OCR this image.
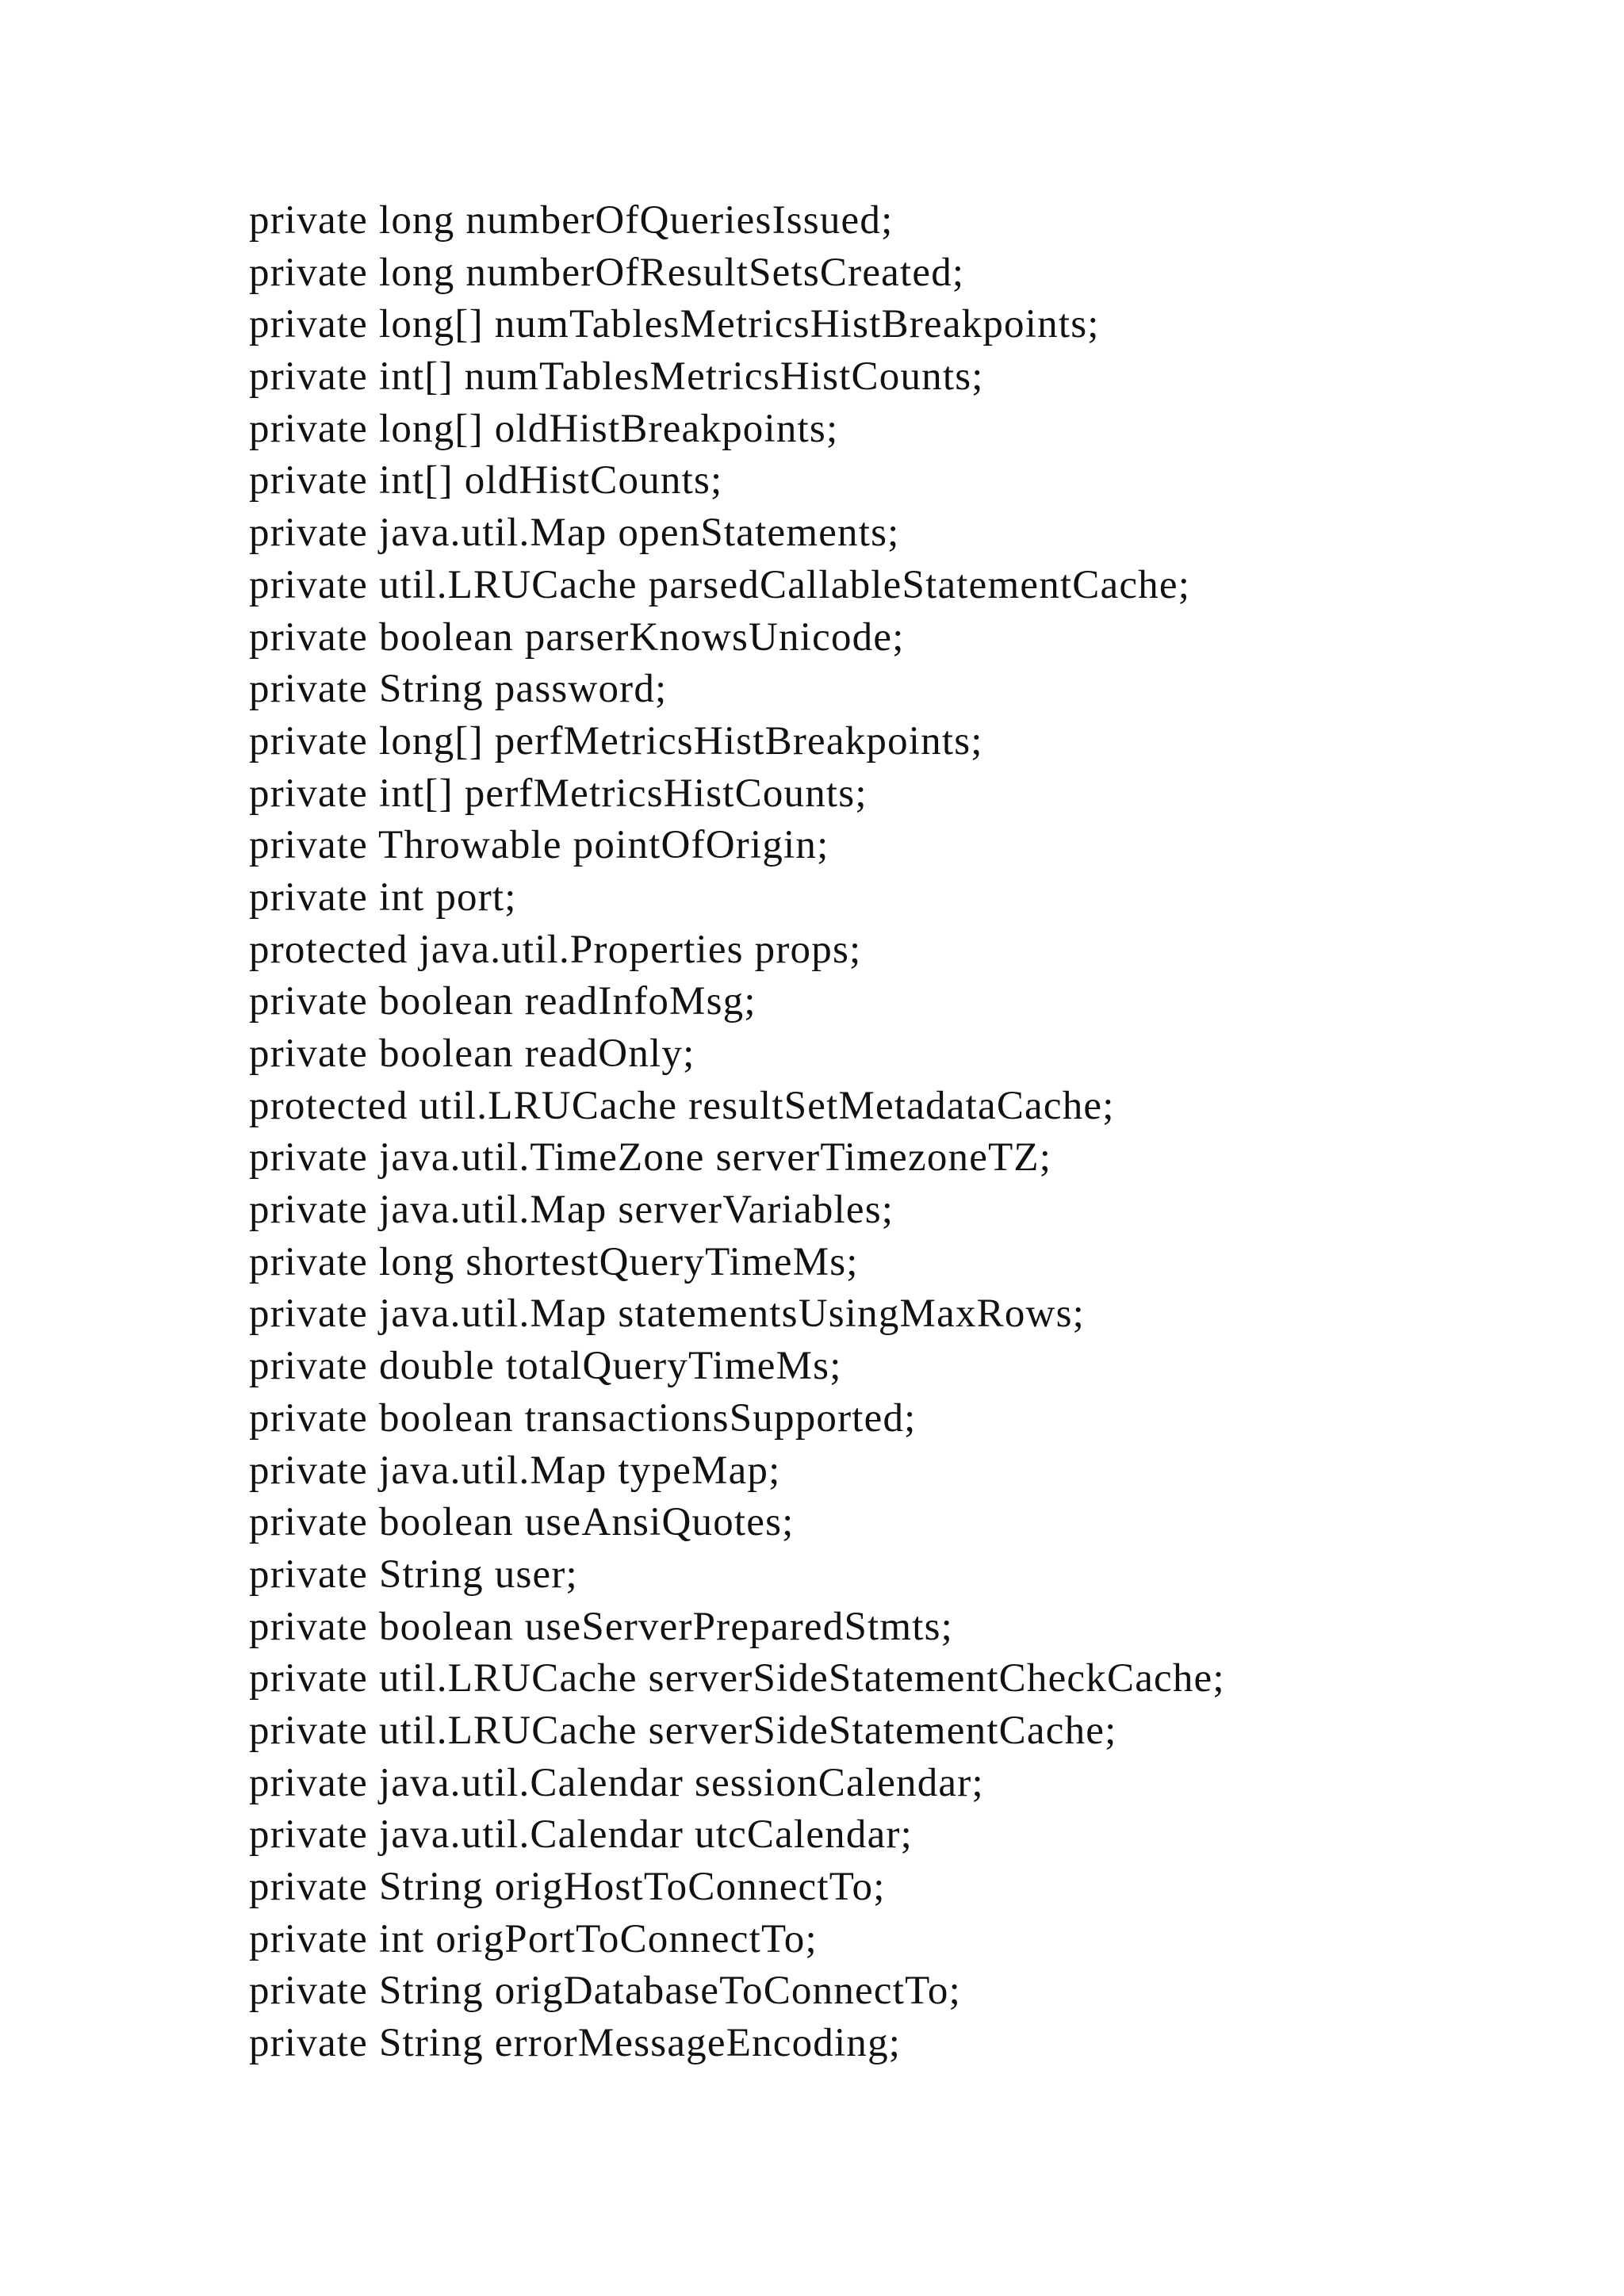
private long numberOfQueriesIssued;
private long numberOfResultSetsCreated;
private long[] numTablesMetricsHistBreakpoints;
private int[] numTablesMetricsHistCounts;
private long[] oldHistBreakpoints;
private int[] oldHistCounts;
private java.util.Map openStatements;
private util.LRUCache parsedCallableStatementCache;
private boolean parserKnowsUnicode;
private String password;
private long[] perfMetricsHistBreakpoints;
private int[] perfMetricsHistCounts;
private Throwable pointOfOrigin;
private int port;
protected java.util.Properties props;
private boolean readInfoMsg;
private boolean readOnly;
protected util.LRUCache resultSetMetadataCache;
private java.util.TimeZone serverTimezoneTZ;
private java.util.Map serverVariables;
private long shortestQueryTimeMs;
private java.util.Map statementsUsingMaxRows;
private double totalQueryTimeMs;
private boolean transactionsSupported;
private java.util.Map typeMap;
private boolean useAnsiQuotes;
private String user;
private boolean useServerPreparedStmts;
private util.LRUCache serverSideStatementCheckCache;
private util.LRUCache serverSideStatementCache;
private java.util.Calendar sessionCalendar;
private java.util.Calendar utcCalendar;
private String origHostToConnectTo;
private int origPortToConnectTo;
private String origDatabaseToConnectTo;
private String errorMessageEncoding;
